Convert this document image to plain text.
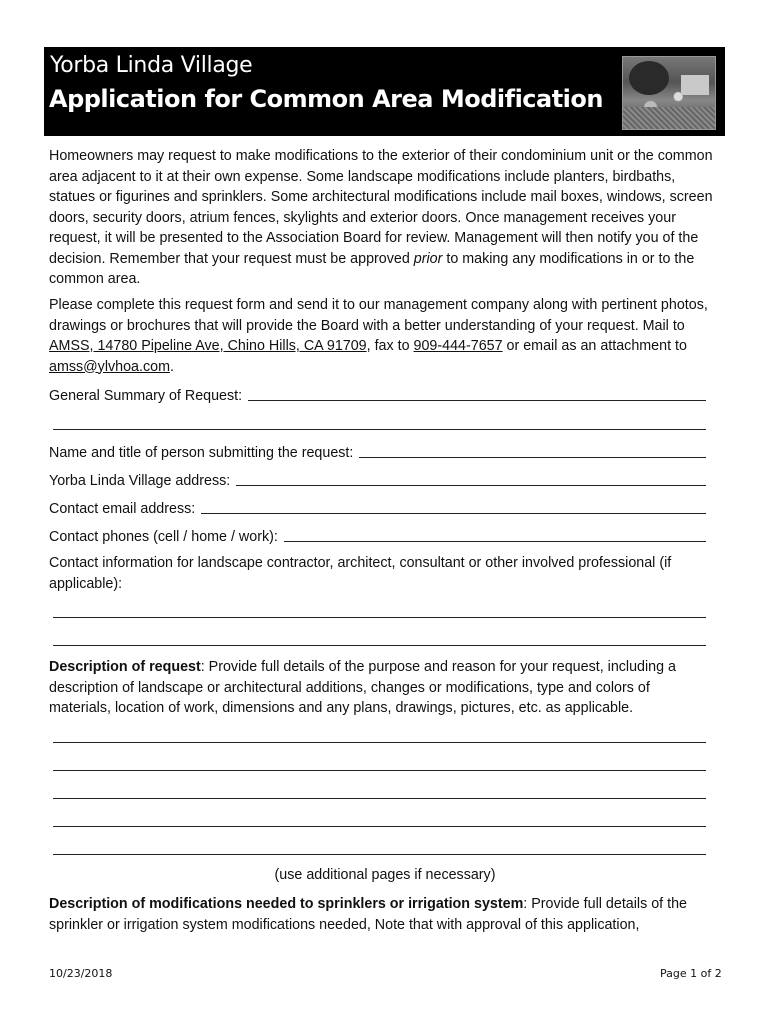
Yorba Linda Village
Application for Common Area Modification

Homeowners may request to make modifications to the exterior of their condominium unit or the common area adjacent to it at their own expense. Some landscape modifications include planters, birdbaths, statues or figurines and sprinklers. Some architectural modifications include mail boxes, windows, screen doors, security doors, atrium fences, skylights and exterior doors. Once management receives your request, it will be presented to the Association Board for review. Management will then notify you of the decision. Remember that your request must be approved prior to making any modifications in or to the common area.

Please complete this request form and send it to our management company along with pertinent photos, drawings or brochures that will provide the Board with a better understanding of your request. Mail to AMSS, 14780 Pipeline Ave, Chino Hills, CA 91709, fax to 909-444-7657 or email as an attachment to amss@ylvhoa.com.

General Summary of Request:
Name and title of person submitting the request:
Yorba Linda Village address:
Contact email address:
Contact phones (cell / home / work):

Contact information for landscape contractor, architect, consultant or other involved professional (if applicable):

Description of request: Provide full details of the purpose and reason for your request, including a description of landscape or architectural additions, changes or modifications, type and colors of materials, location of work, dimensions and any plans, drawings, pictures, etc. as applicable.

(use additional pages if necessary)

Description of modifications needed to sprinklers or irrigation system: Provide full details of the sprinkler or irrigation system modifications needed, Note that with approval of this application,

10/23/2018	Page 1 of 2
